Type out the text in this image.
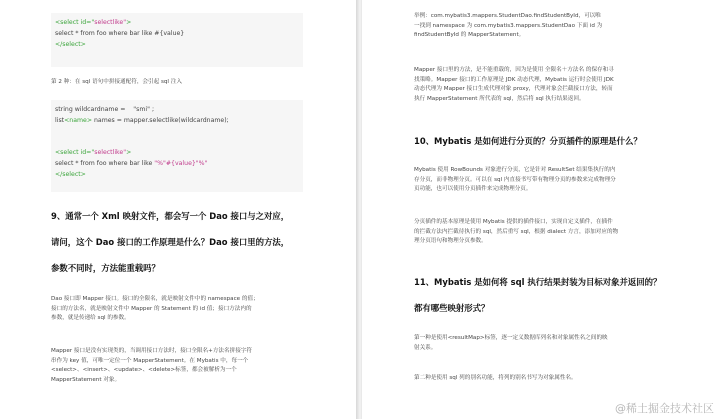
<select id="selectlike">
select * from foo where bar like #{value}
</select>
第 2 种：在 sql 语句中拼接通配符，会引起 sql 注入
string wildcardname = "smi" ;
list<name> names = mapper.selectlike(wildcardname);
<select id="selectlike">
select * from foo where bar like "%"#{value}"%"
</select>
9、通常一个 Xml 映射文件，都会写一个 Dao 接口与之对应，
请问，这个 Dao 接口的工作原理是什么？Dao 接口里的方法，
参数不同时，方法能重载吗？
Dao 接口即 Mapper 接口。接口的全限名，就是映射文件中的 namespace 的值；
接口的方法名，就是映射文件中 Mapper 的 Statement 的 id 值；接口方法内的
参数，就是传递给 sql 的参数。
Mapper 接口是没有实现类的，当调用接口方法时，接口全限名+方法名拼接字符
串作为 key 值，可唯一定位一个 MapperStatement。在 Mybatis 中，每一个
<select>、<insert>、<update>、<delete>标签，都会被解析为一个
MapperStatement 对象。
举例：com.mybatis3.mappers.StudentDao.findStudentById，可以唯
一找到 namespace 为 com.mybatis3.mappers.StudentDao 下面 id 为
findStudentById 的 MapperStatement。
Mapper 接口里的方法，是不能重载的，因为是使用 全限名＋方法名 的保存和寻
找策略。Mapper 接口的工作原理是 JDK 动态代理，Mybatis 运行时会使用 JDK
动态代理为 Mapper 接口生成代理对象 proxy，代理对象会拦截接口方法，转而
执行 MapperStatement 所代表的 sql，然后将 sql 执行结果返回。
10、Mybatis 是如何进行分页的？分页插件的原理是什么？
Mybatis 使用 RowBounds 对象进行分页，它是针对 ResultSet 结果集执行的内
存分页，而非物理分页。可以在 sql 内直接书写带有物理分页的参数来完成物理分
页功能，也可以使用分页插件来完成物理分页。
分页插件的基本原理是使用 Mybatis 提供的插件接口，实现自定义插件，在插件
的拦截方法内拦截待执行的 sql，然后重写 sql，根据 dialect 方言，添加对应的物
理分页语句和物理分页参数。
11、Mybatis 是如何将 sql 执行结果封装为目标对象并返回的？
都有哪些映射形式？
第一种是使用<resultMap>标签，逐一定义数据库列名和对象属性名之间的映
射关系。
第二种是使用 sql 列的别名功能，将列的别名书写为对象属性名。
@稀土掘金技术社区
